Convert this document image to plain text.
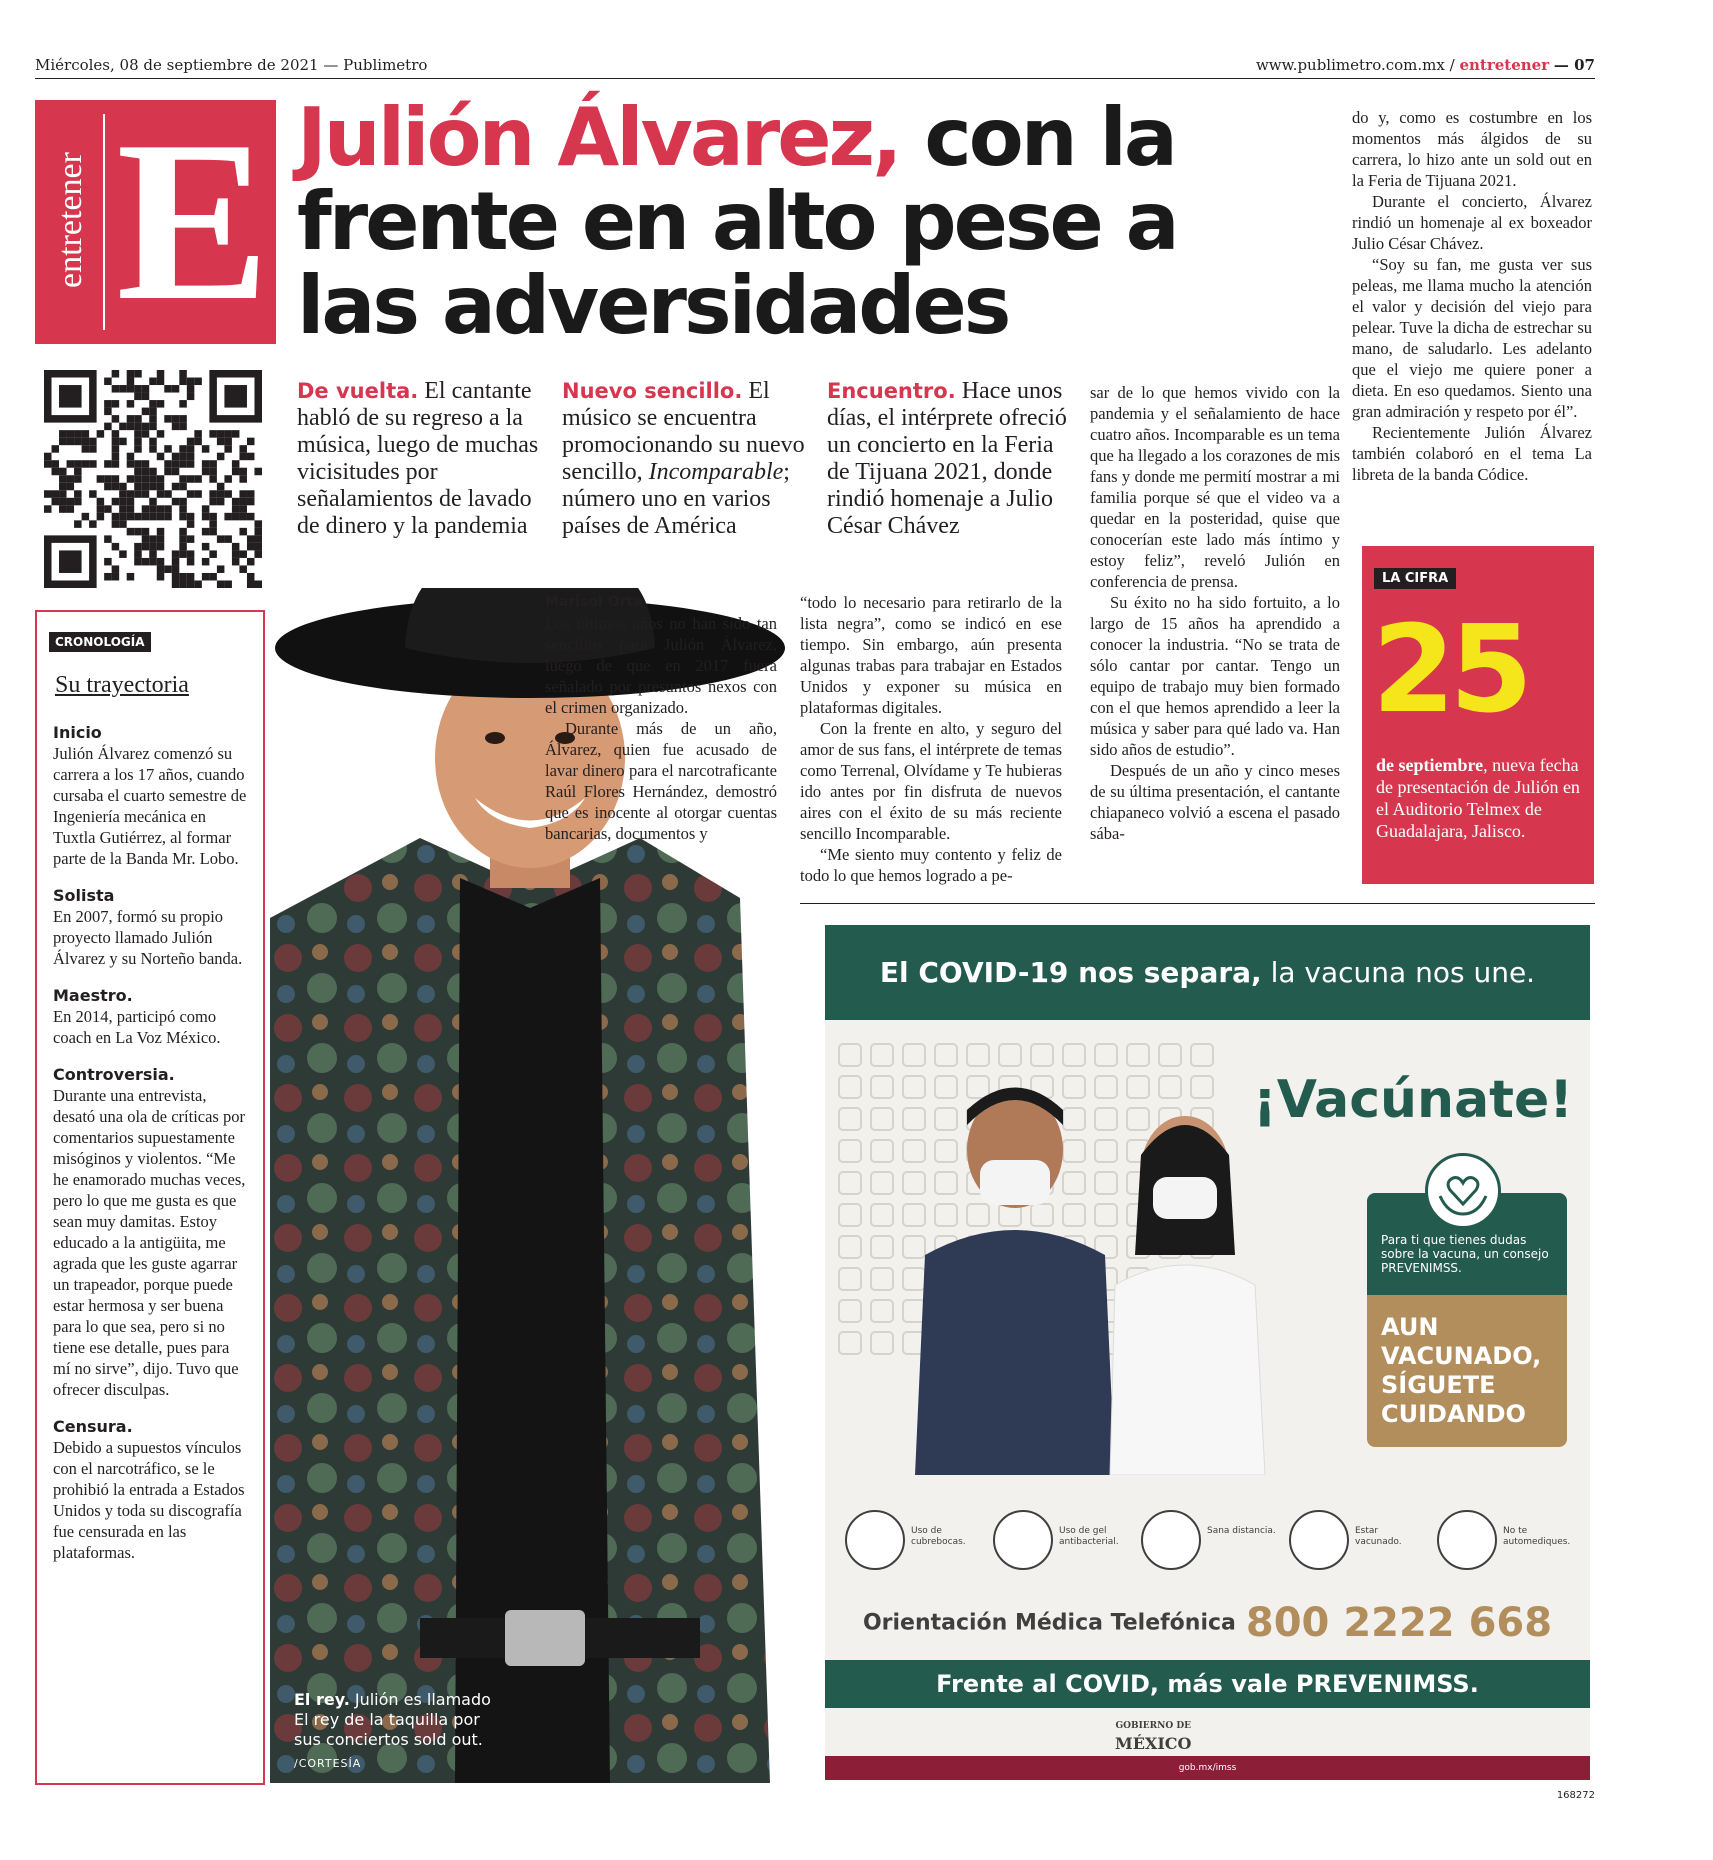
Miércoles, 08 de septiembre de 2021 — Publimetro	www.publimetro.com.mx / entretener — 07
entretener E Julión Álvarez, con la frente en alto pese a las adversidades
De vuelta. El cantante habló de su regreso a la música, luego de muchas vicisitudes por señalamientos de lavado de dinero y la pandemia
Nuevo sencillo. El músico se encuentra promocionando su nuevo sencillo, Incomparable; número uno en varios países de América
Encuentro. Hace unos días, el intérprete ofreció un concierto en la Feria de Tijuana 2021, donde rindió homenaje a Julio César Chávez
CRONOLOGÍA
Su trayectoria
Inicio

Julión Álvarez comenzó su carrera a los 17 años, cuando cursaba el cuarto semestre de Ingeniería mecánica en Tuxtla Gutiérrez, al formar parte de la Banda Mr. Lobo.

Solista

En 2007, formó su propio proyecto llamado Julión Álvarez y su Norteño banda.

Maestro.

En 2014, participó como coach en La Voz México.

Controversia.

Durante una entrevista, desató una ola de críticas por comentarios supuestamente misóginos y violentos. “Me he enamorado muchas veces, pero lo que me gusta es que sean muy damitas. Estoy educado a la antigüita, me agrada que les guste agarrar un trapeador, porque puede estar hermosa y ser buena para lo que sea, pero si no tiene ese detalle, pues para mí no sirve”, dijo. Tuvo que ofrecer disculpas.

Censura.

Debido a supuestos vínculos con el narcotráfico, se le prohibió la entrada a Estados Unidos y toda su discografía fue censurada en las plataformas.

El rey. Julión es llamado El rey de la taquilla por sus conciertos sold out.
/CORTESÍA

Marisol Orta

Los últimos años no han sido tan sencillos para Julión Álvarez, luego de que en 2017 fuera señalado por presuntos nexos con el crimen organizado.

Durante más de un año, Álvarez, quien fue acusado de lavar dinero para el narcotraficante Raúl Flores Hernández, demostró que es inocente al otorgar cuentas bancarias, documentos y

“todo lo necesario para retirarlo de la lista negra”, como se indicó en ese tiempo. Sin embargo, aún presenta algunas trabas para trabajar en Estados Unidos y exponer su música en plataformas digitales.

Con la frente en alto, y seguro del amor de sus fans, el intérprete de temas como Terrenal, Olvídame y Te hubieras ido antes por fin disfruta de nuevos aires con el éxito de su más reciente sencillo Incomparable.

“Me siento muy contento y feliz de todo lo que hemos logrado a pe-

sar de lo que hemos vivido con la pandemia y el señalamiento de hace cuatro años. Incomparable es un tema que ha llegado a los corazones de mis fans y donde me permití mostrar a mi familia porque sé que el video va a quedar en la posteridad, quise que conocerían este lado más íntimo y estoy feliz”, reveló Julión en conferencia de prensa.

Su éxito no ha sido fortuito, a lo largo de 15 años ha aprendido a conocer la industria. “No se trata de sólo cantar por cantar. Tengo un equipo de trabajo muy bien formado con el que hemos aprendido a leer la música y saber para qué lado va. Han sido años de estudio”.

Después de un año y cinco meses de su última presentación, el cantante chiapaneco volvió a escena el pasado sába-

do y, como es costumbre en los momentos más álgidos de su carrera, lo hizo ante un sold out en la Feria de Tijuana 2021.

Durante el concierto, Álvarez rindió un homenaje al ex boxeador Julio César Chávez.

“Soy su fan, me gusta ver sus peleas, me llama mucho la atención el valor y decisión del viejo para pelear. Tuve la dicha de estrechar su mano, de saludarlo. Les adelanto que el viejo me quiere poner a dieta. En eso quedamos. Siento una gran admiración y respeto por él”.

Recientemente Julión Álvarez también colaboró en el tema La libreta de la banda Códice.

LA CIFRA
25
de septiembre, nueva fecha de presentación de Julión en el Auditorio Telmex de Guadalajara, Jalisco.
El COVID-19 nos separa, la vacuna nos une.
¡Vacúnate!
Para ti que tienes dudas sobre la vacuna, un consejo PREVENIMSS.
AUN VACUNADO, SÍGUETE CUIDANDO
Uso de cubrebocas.
Uso de gel antibacterial.
Sana distancia.	Estar vacunado.
No te automediques.
Orientación Médica Telefónica 800 2222 668
Frente al COVID, más vale PREVENIMSS.
GOBIERNO DE
MÉXICO
gob.mx/imss
168272
